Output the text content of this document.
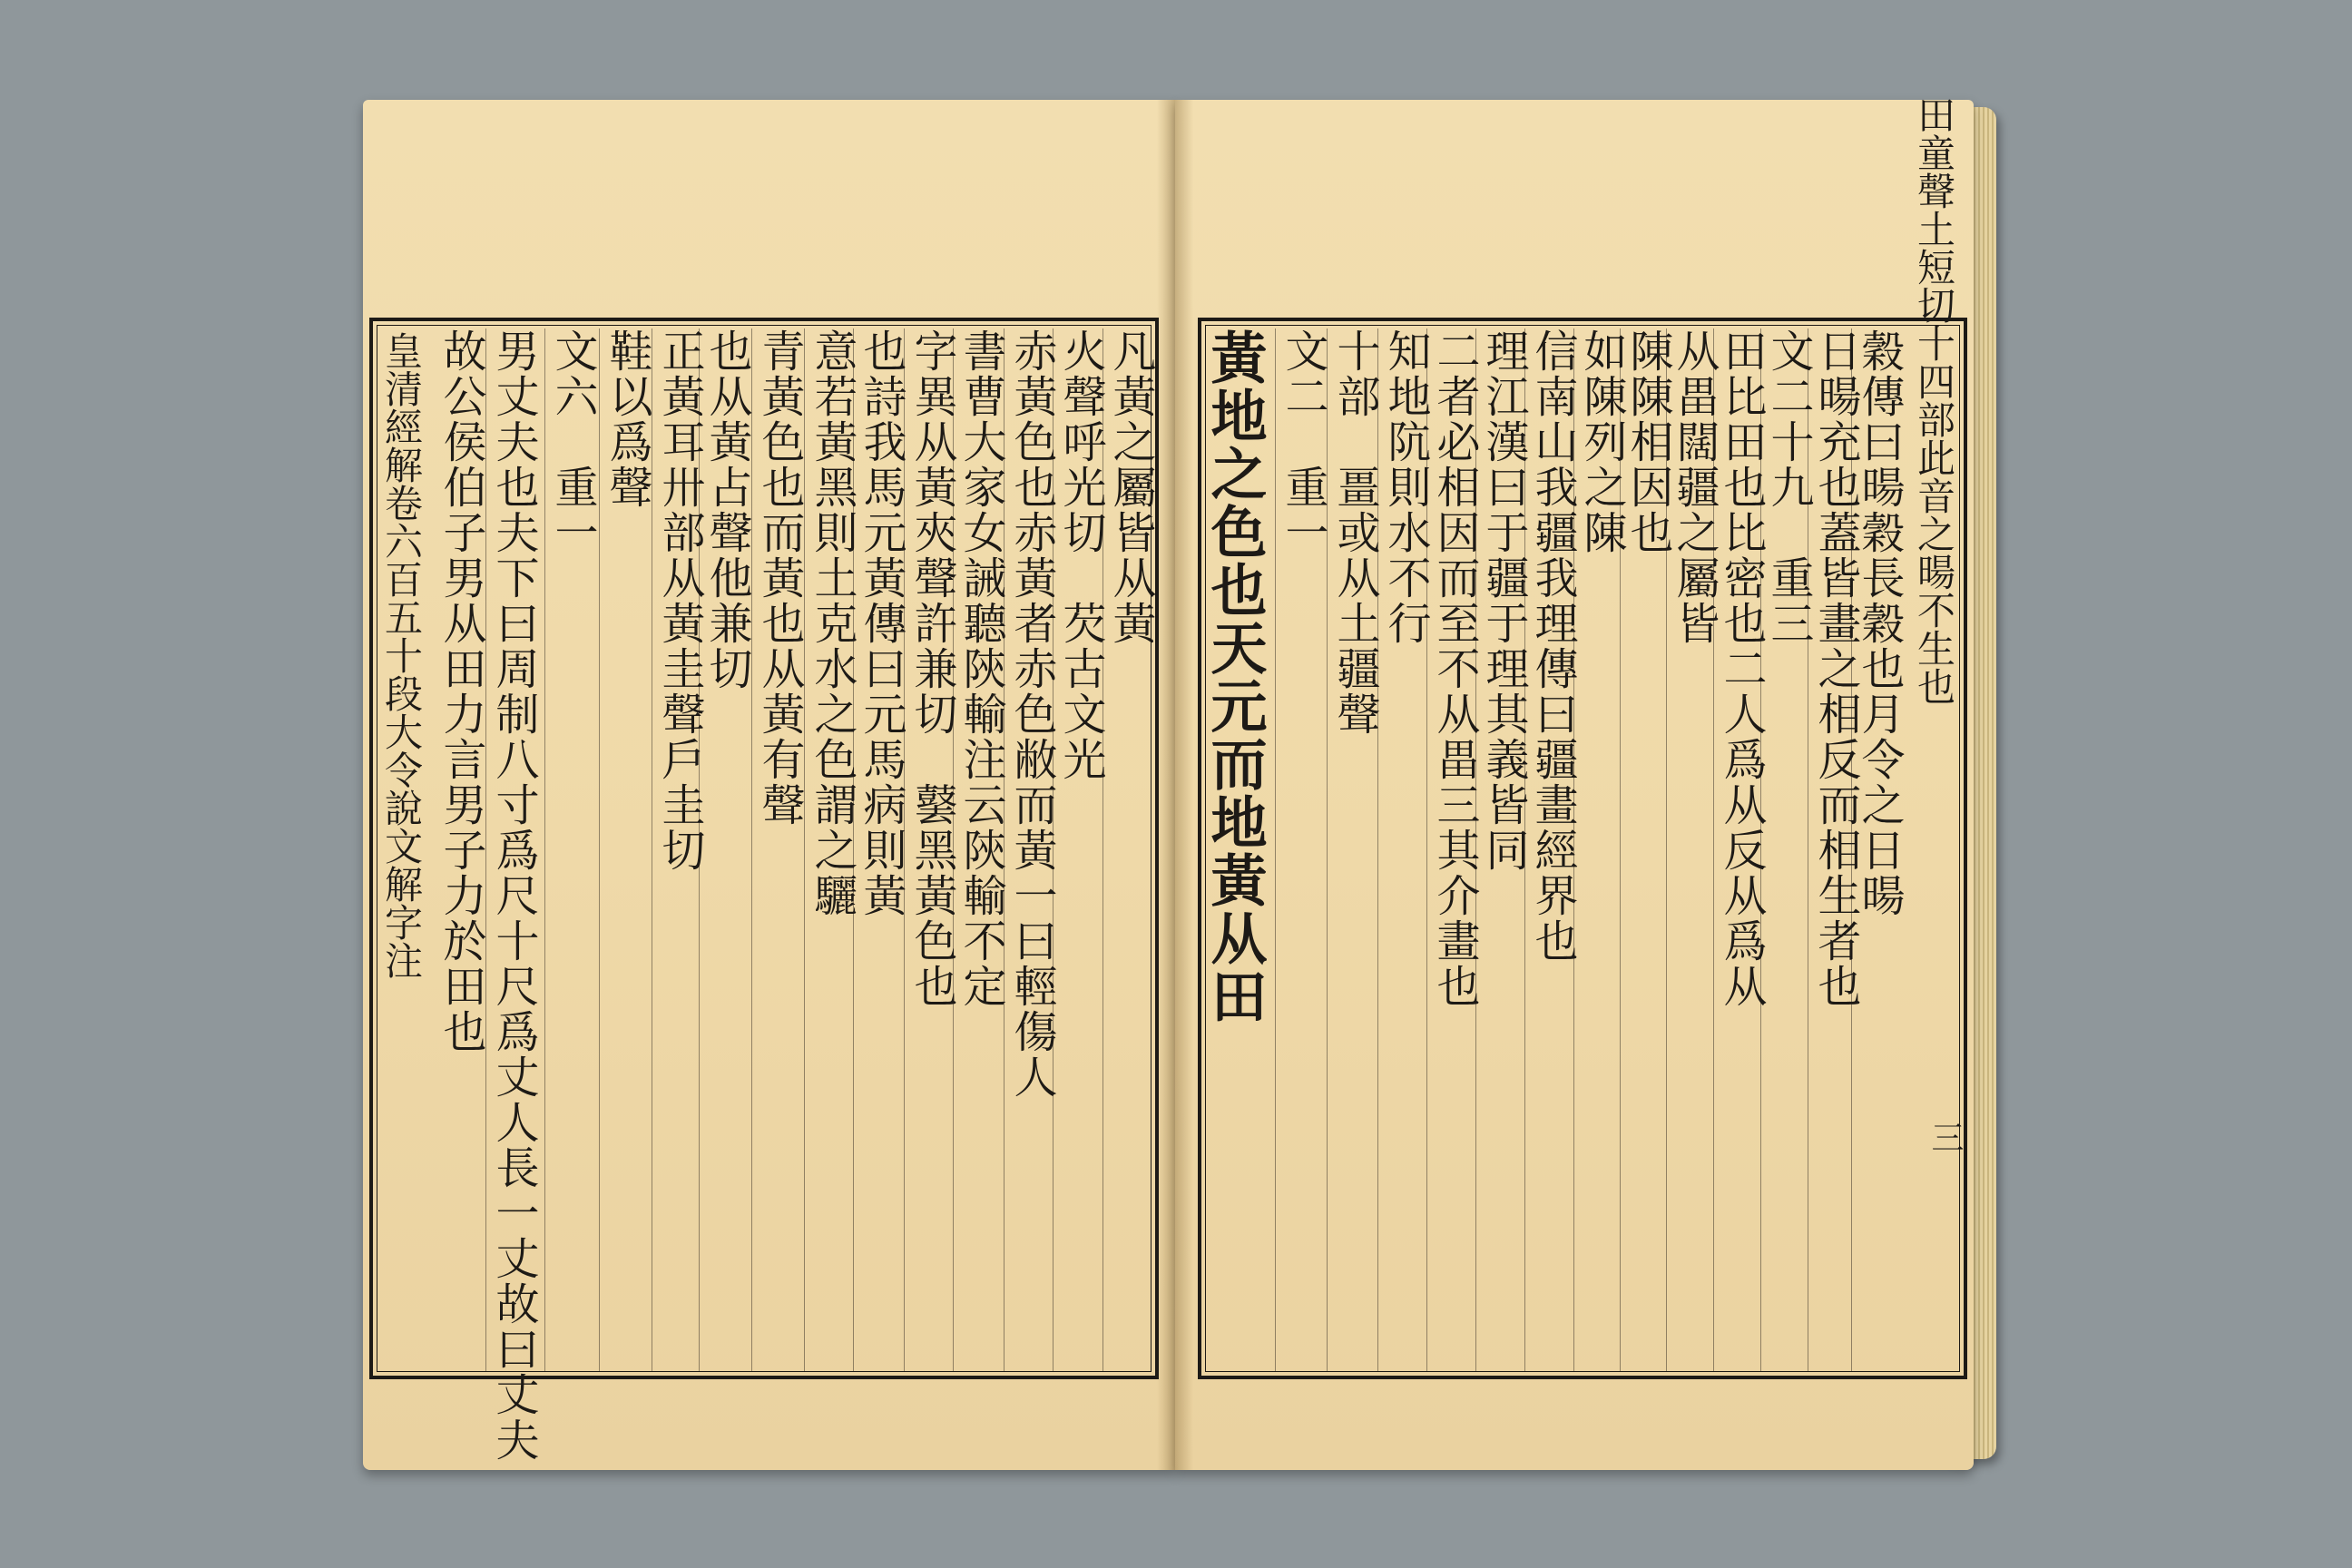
皇清經解卷六百五十段大令說文解字注 故公侯伯子男从田力言男子力於田也 男丈夫也夫下曰周制八寸爲尺十尺爲丈人長一丈故曰丈夫 文六　重一 鞋以爲聲 正黃耳卅部从黃圭聲戶圭切
也从黃占聲他兼切 青黃色也而黃也从黃有聲 意若黃黑則土克水之色謂之驪
也詩我馬元黃傳曰元馬病則黃 字異从黃夾聲許兼切　䵽黑黃色也
書曹大家女誡聽陝輸注云陝輸不定 赤黃色也赤黃者赤色敝而黃一曰輕傷人
火聲呼光切　芡古文光 凡黃之屬皆从黃 黃地之色也天元而地黃从田 文二　重一 十部　畺或从土疆聲 知地阬則水不行
二者必相因而至不从畕三其介畫也
理江漢曰于疆于理其義皆同
信南山我疆我理傳曰疆畫經界也
如陳列之陳
陳陳相因也
从畕闊疆之屬皆
田比田也比密也二人爲从反从爲从
文二十九　重三
日暘充也蓋皆畫之相反而相生者也
穀傳曰暘穀長穀也月令之日暘 田童聲土短切十四部此音之暘不生也
三
